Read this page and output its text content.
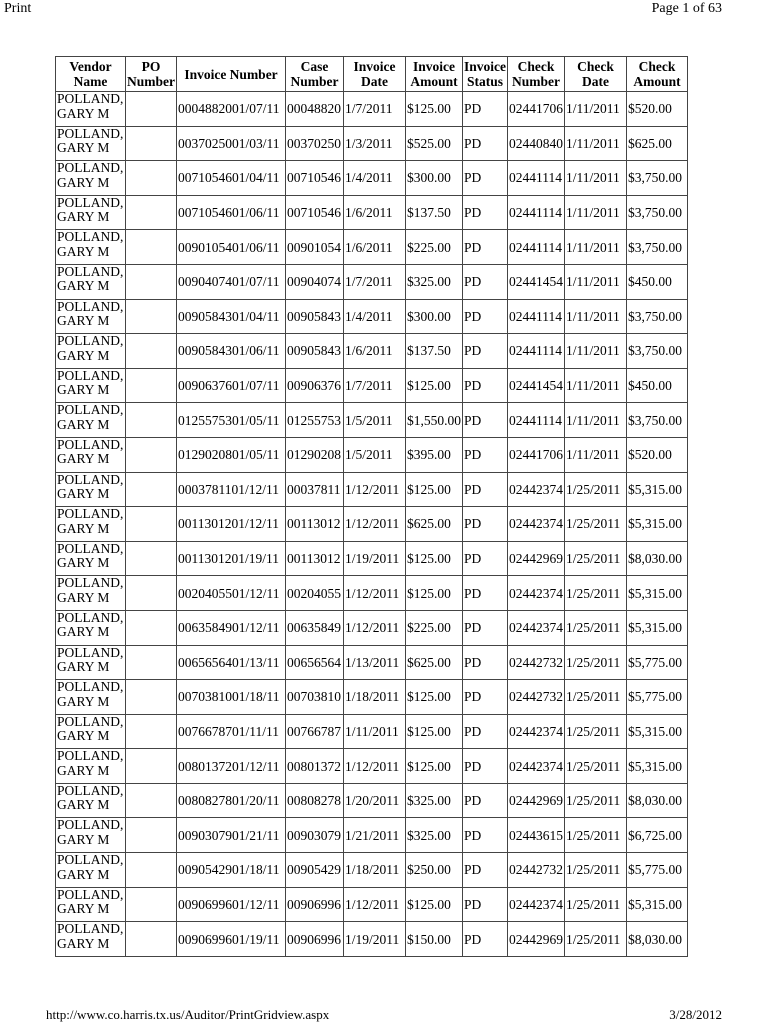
Print	Page 1 of 63
Vendor Name	PO Number	Invoice Number	Case Number	Invoice Date	Invoice Amount	Invoice Status	Check Number	Check Date	Check Amount
POLLAND, GARY M		0004882001/07/11	00048820	1/7/2011	$125.00	PD	02441706	1/11/2011	$520.00
POLLAND, GARY M		0037025001/03/11	00370250	1/3/2011	$525.00	PD	02440840	1/11/2011	$625.00
POLLAND, GARY M		0071054601/04/11	00710546	1/4/2011	$300.00	PD	02441114	1/11/2011	$3,750.00
POLLAND, GARY M		0071054601/06/11	00710546	1/6/2011	$137.50	PD	02441114	1/11/2011	$3,750.00
POLLAND, GARY M		0090105401/06/11	00901054	1/6/2011	$225.00	PD	02441114	1/11/2011	$3,750.00
POLLAND, GARY M		0090407401/07/11	00904074	1/7/2011	$325.00	PD	02441454	1/11/2011	$450.00
POLLAND, GARY M		0090584301/04/11	00905843	1/4/2011	$300.00	PD	02441114	1/11/2011	$3,750.00
POLLAND, GARY M		0090584301/06/11	00905843	1/6/2011	$137.50	PD	02441114	1/11/2011	$3,750.00
POLLAND, GARY M		0090637601/07/11	00906376	1/7/2011	$125.00	PD	02441454	1/11/2011	$450.00
POLLAND, GARY M		0125575301/05/11	01255753	1/5/2011	$1,550.00	PD	02441114	1/11/2011	$3,750.00
POLLAND, GARY M		0129020801/05/11	01290208	1/5/2011	$395.00	PD	02441706	1/11/2011	$520.00
POLLAND, GARY M		0003781101/12/11	00037811	1/12/2011	$125.00	PD	02442374	1/25/2011	$5,315.00
POLLAND, GARY M		0011301201/12/11	00113012	1/12/2011	$625.00	PD	02442374	1/25/2011	$5,315.00
POLLAND, GARY M		0011301201/19/11	00113012	1/19/2011	$125.00	PD	02442969	1/25/2011	$8,030.00
POLLAND, GARY M		0020405501/12/11	00204055	1/12/2011	$125.00	PD	02442374	1/25/2011	$5,315.00
POLLAND, GARY M		0063584901/12/11	00635849	1/12/2011	$225.00	PD	02442374	1/25/2011	$5,315.00
POLLAND, GARY M		0065656401/13/11	00656564	1/13/2011	$625.00	PD	02442732	1/25/2011	$5,775.00
POLLAND, GARY M		0070381001/18/11	00703810	1/18/2011	$125.00	PD	02442732	1/25/2011	$5,775.00
POLLAND, GARY M		0076678701/11/11	00766787	1/11/2011	$125.00	PD	02442374	1/25/2011	$5,315.00
POLLAND, GARY M		0080137201/12/11	00801372	1/12/2011	$125.00	PD	02442374	1/25/2011	$5,315.00
POLLAND, GARY M		0080827801/20/11	00808278	1/20/2011	$325.00	PD	02442969	1/25/2011	$8,030.00
POLLAND, GARY M		0090307901/21/11	00903079	1/21/2011	$325.00	PD	02443615	1/25/2011	$6,725.00
POLLAND, GARY M		0090542901/18/11	00905429	1/18/2011	$250.00	PD	02442732	1/25/2011	$5,775.00
POLLAND, GARY M		0090699601/12/11	00906996	1/12/2011	$125.00	PD	02442374	1/25/2011	$5,315.00
POLLAND, GARY M		0090699601/19/11	00906996	1/19/2011	$150.00	PD	02442969	1/25/2011	$8,030.00
http://www.co.harris.tx.us/Auditor/PrintGridview.aspx	3/28/2012
